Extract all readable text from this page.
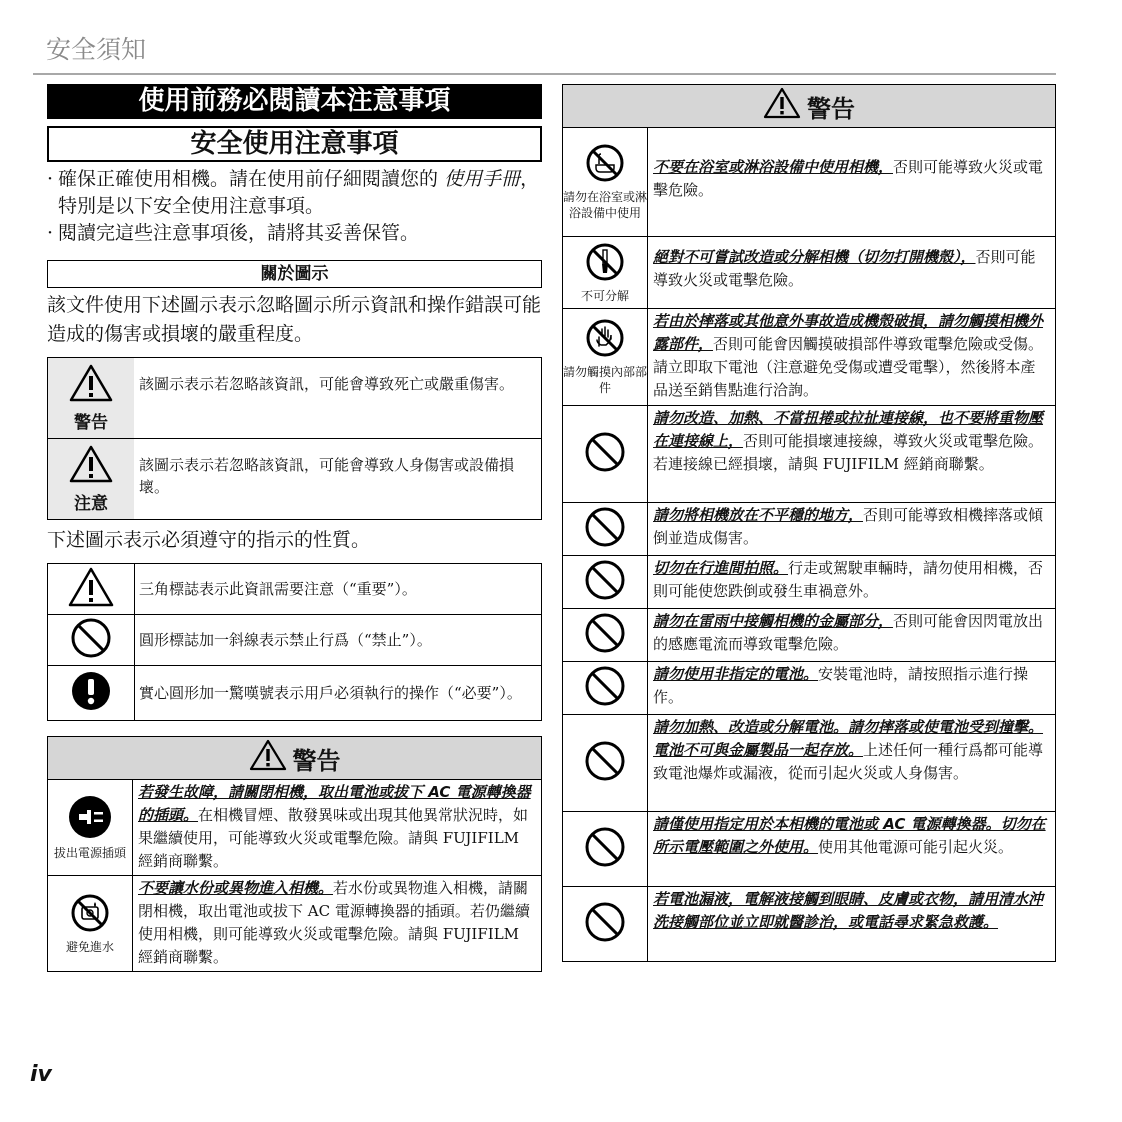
安全須知
使用前務必閱讀本注意事項
安全使用注意事項
· 確保正確使用相機。請在使用前仔細閱讀您的 使用手冊，特別是以下安全使用注意事項。
· 閱讀完這些注意事項後，請將其妥善保管。
關於圖示
該文件使用下述圖示表示忽略圖示所示資訊和操作錯誤可能造成的傷害或損壞的嚴重程度。
警告
該圖示表示若忽略該資訊，可能會導致死亡或嚴重傷害。
注意
該圖示表示若忽略該資訊，可能會導致人身傷害或設備損壞。
下述圖示表示必須遵守的指示的性質。
三角標誌表示此資訊需要注意（“重要”）。
圓形標誌加一斜線表示禁止行爲（“禁止”）。
實心圓形加一驚嘆號表示用戶必須執行的操作（“必要”）。
警告
拔出電源插頭
若發生故障，請關閉相機，取出電池或拔下 AC 電源轉換器的插頭。在相機冒煙、散發異味或出現其他異常狀況時，如果繼續使用，可能導致火災或電擊危險。請與 FUJIFILM 經銷商聯繫。
避免進水
不要讓水份或異物進入相機。若水份或異物進入相機，請關閉相機，取出電池或拔下 AC 電源轉換器的插頭。若仍繼續使用相機，則可能導致火災或電擊危險。請與 FUJIFILM 經銷商聯繫。
警告
請勿在浴室或淋浴設備中使用
不要在浴室或淋浴設備中使用相機，否則可能導致火災或電擊危險。
不可分解
絕對不可嘗試改造或分解相機（切勿打開機殼），否則可能導致火災或電擊危險。
請勿觸摸內部部件
若由於摔落或其他意外事故造成機殼破損，請勿觸摸相機外露部件，否則可能會因觸摸破損部件導致電擊危險或受傷。請立即取下電池（注意避免受傷或遭受電擊），然後將本產品送至銷售點進行洽詢。
請勿改造、加熱、不當扭捲或拉扯連接線，也不要將重物壓在連接線上，否則可能損壞連接線，導致火災或電擊危險。若連接線已經損壞，請與 FUJIFILM 經銷商聯繫。
請勿將相機放在不平穩的地方，否則可能導致相機摔落或傾倒並造成傷害。
切勿在行進間拍照。行走或駕駛車輛時，請勿使用相機，否則可能使您跌倒或發生車禍意外。
請勿在雷雨中接觸相機的金屬部分，否則可能會因閃電放出的感應電流而導致電擊危險。
請勿使用非指定的電池。安裝電池時，請按照指示進行操作。
請勿加熱、改造或分解電池。請勿摔落或使電池受到撞擊。電池不可與金屬製品一起存放。上述任何一種行爲都可能導致電池爆炸或漏液，從而引起火災或人身傷害。
請僅使用指定用於本相機的電池或 AC 電源轉換器。切勿在所示電壓範圍之外使用。使用其他電源可能引起火災。
若電池漏液，電解液接觸到眼睛、皮膚或衣物，請用清水沖洗接觸部位並立即就醫診治，或電話尋求緊急救護。
iv
